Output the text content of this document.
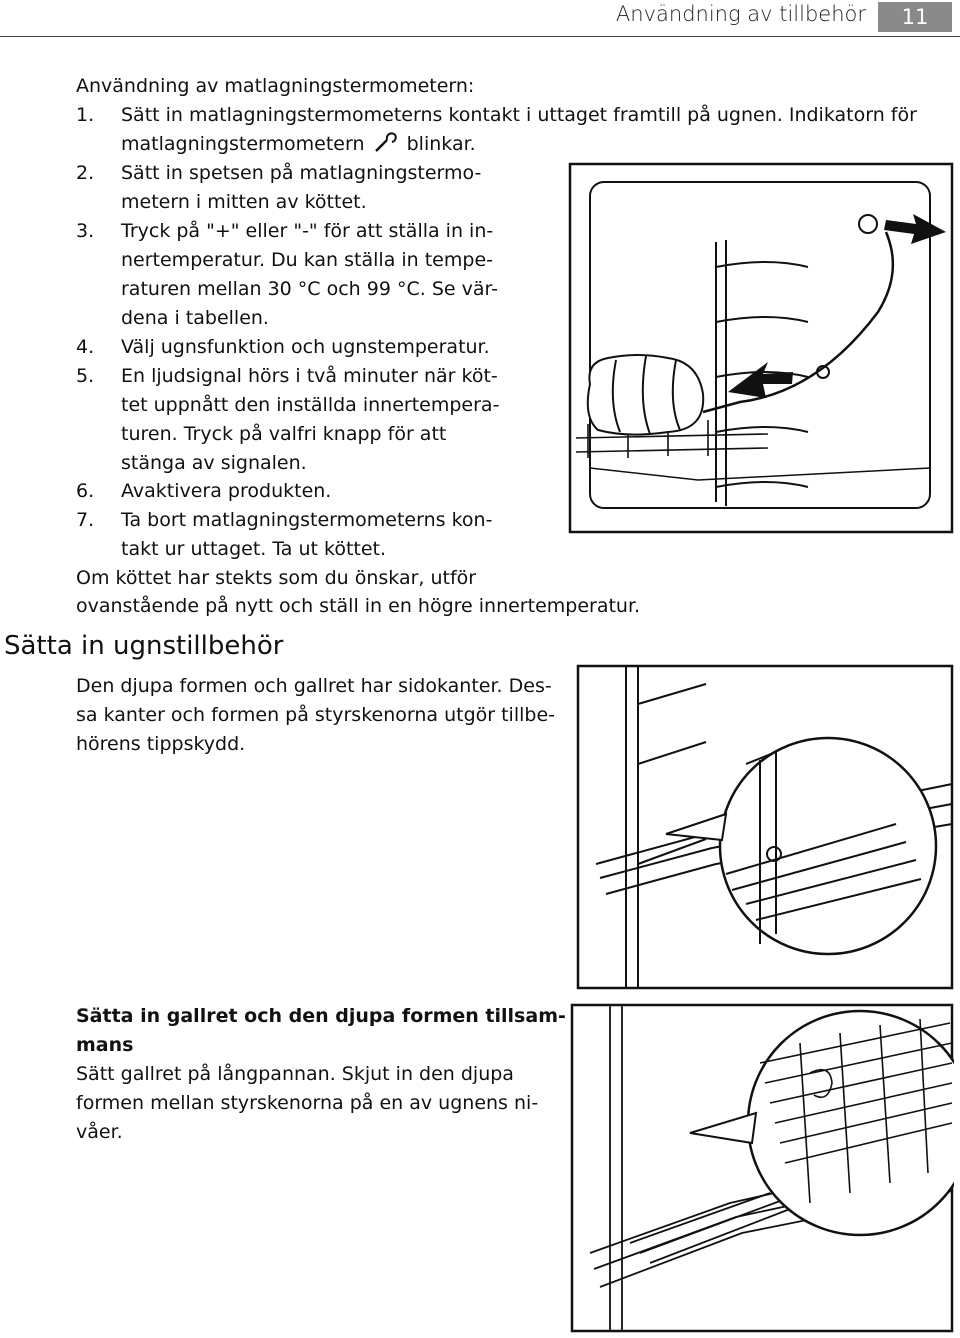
Användning av tillbehör	11
Användning av matlagningstermometern:
1. Sätt in matlagningstermometerns kontakt i uttaget framtill på ugnen. Indikatorn för
matlagningstermometern blinkar.
2. Sätt in spetsen på matlagningstermo-
metern i mitten av köttet.
3. Tryck på "+" eller "-" för att ställa in in-
nertemperatur. Du kan ställa in tempe-
raturen mellan 30 °C och 99 °C. Se vär-
dena i tabellen.
4. Välj ugnsfunktion och ugnstemperatur.
5. En ljudsignal hörs i två minuter när köt-
tet uppnått den inställda innertempera-
turen. Tryck på valfri knapp för att
stänga av signalen.
6. Avaktivera produkten.
7. Ta bort matlagningstermometerns kon-
takt ur uttaget. Ta ut köttet.
Om köttet har stekts som du önskar, utför
ovanstående på nytt och ställ in en högre innertemperatur.
Sätta in ugnstillbehör
Den djupa formen och gallret har sidokanter. Des-
sa kanter och formen på styrskenorna utgör tillbe-
hörens tippskydd.
Sätta in gallret och den djupa formen tillsam-
mans
Sätt gallret på långpannan. Skjut in den djupa
formen mellan styrskenorna på en av ugnens ni-
våer.
